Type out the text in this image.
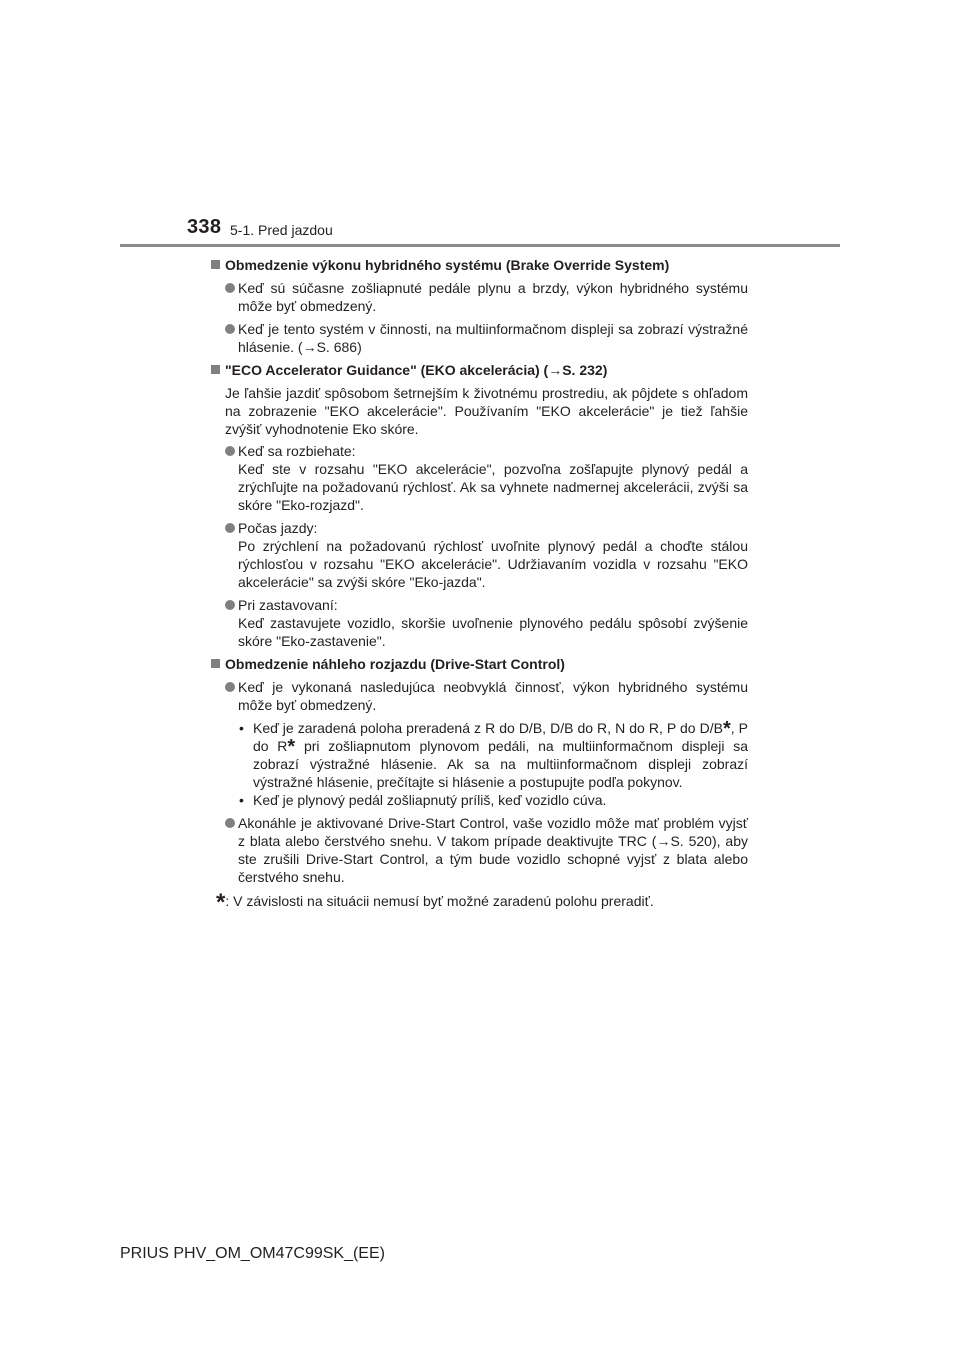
338 5-1. Pred jazdou
Obmedzenie výkonu hybridného systému (Brake Override System)
Keď sú súčasne zošliapnuté pedále plynu a brzdy, výkon hybridného systému môže byť obmedzený.
Keď je tento systém v činnosti, na multiinformačnom displeji sa zobrazí výstražné hlásenie. (→S. 686)
"ECO Accelerator Guidance" (EKO akcelerácia) (→S. 232)
Je ľahšie jazdiť spôsobom šetrnejším k životnému prostrediu, ak pôjdete s ohľadom na zobrazenie "EKO akcelerácie". Používaním "EKO akcelerácie" je tiež ľahšie zvýšiť vyhodnotenie Eko skóre.
Keď sa rozbiehate:
Keď ste v rozsahu "EKO akcelerácie", pozvoľna zošľapujte plynový pedál a zrýchľujte na požadovanú rýchlosť. Ak sa vyhnete nadmernej akcelerácii, zvýši sa skóre "Eko-rozjazd".
Počas jazdy:
Po zrýchlení na požadovanú rýchlosť uvoľnite plynový pedál a choďte stálou rýchlosťou v rozsahu "EKO akcelerácie". Udržiavaním vozidla v rozsahu "EKO akcelerácie" sa zvýši skóre "Eko-jazda".
Pri zastavovaní:
Keď zastavujete vozidlo, skoršie uvoľnenie plynového pedálu spôsobí zvýšenie skóre "Eko-zastavenie".
Obmedzenie náhleho rozjazdu (Drive-Start Control)
Keď je vykonaná nasledujúca neobvyklá činnosť, výkon hybridného systému môže byť obmedzený.
• Keď je zaradená poloha preradená z R do D/B, D/B do R, N do R, P do D/B*, P do R* pri zošliapnutom plynovom pedáli, na multiinformačnom displeji sa zobrazí výstražné hlásenie. Ak sa na multiinformačnom displeji zobrazí výstražné hlásenie, prečítajte si hlásenie a postupujte podľa pokynov.
• Keď je plynový pedál zošliapnutý príliš, keď vozidlo cúva.
Akonáhle je aktivované Drive-Start Control, vaše vozidlo môže mať problém vyjsť z blata alebo čerstvého snehu. V takom prípade deaktivujte TRC (→S. 520), aby ste zrušili Drive-Start Control, a tým bude vozidlo schopné vyjsť z blata alebo čerstvého snehu.
*: V závislosti na situácii nemusí byť možné zaradenú polohu preradiť.
PRIUS PHV_OM_OM47C99SK_(EE)
